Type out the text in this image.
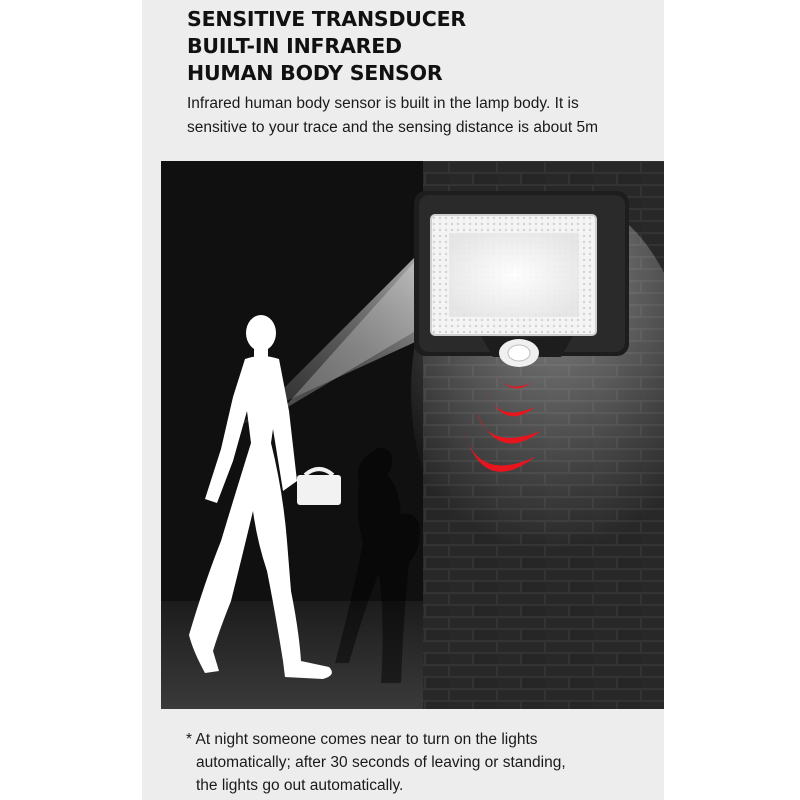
SENSITIVE TRANSDUCER
BUILT-IN INFRARED
HUMAN BODY SENSOR

Infrared human body sensor is built in the lamp body. It is
sensitive to your trace and the sensing distance is about 5m

* At night someone comes near to turn on the lights
automatically; after 30 seconds of leaving or standing,
the lights go out automatically.
